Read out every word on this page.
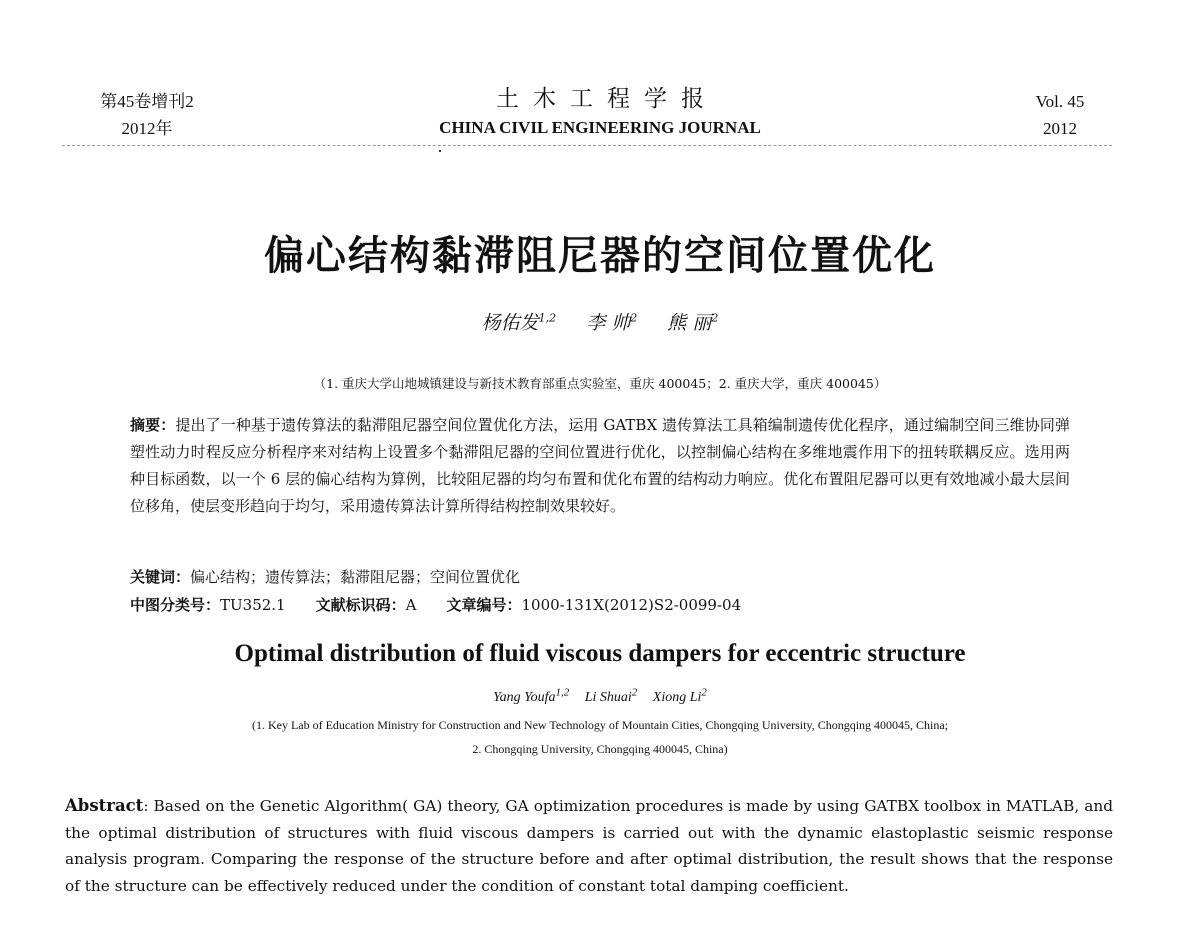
第45卷增刊2
2012年
土木工程学报
CHINA CIVIL ENGINEERING JOURNAL
Vol. 45
2012
偏心结构黏滞阻尼器的空间位置优化
杨佑发$^{1,2}$ 李 帅$^2$ 熊 丽$^2$
（1. 重庆大学山地城镇建设与新技术教育部重点实验室，重庆 400045；2. 重庆大学，重庆 400045）
摘要：提出了一种基于遗传算法的黏滞阻尼器空间位置优化方法，运用 GATBX 遗传算法工具箱编制遗传优化程序，通过编制空间三维协同弹塑性动力时程反应分析程序来对结构上设置多个黏滞阻尼器的空间位置进行优化，以控制偏心结构在多维地震作用下的扭转联耦反应。选用两种目标函数，以一个 6 层的偏心结构为算例，比较阻尼器的均匀布置和优化布置的结构动力响应。优化布置阻尼器可以更有效地减小最大层间位移角，使层变形趋向于均匀，采用遗传算法计算所得结构控制效果较好。
关键词：偏心结构；遗传算法；黏滞阻尼器；空间位置优化
中图分类号：TU352.1 文献标识码：A 文章编号：1000-131X(2012)S2-0099-04
Optimal distribution of fluid viscous dampers for eccentric structure
Yang Youfa$^{1,2}$ Li Shuai$^2$ Xiong Li$^2$
(1. Key Lab of Education Ministry for Construction and New Technology of Mountain Cities, Chongqing University, Chongqing 400045, China;
2. Chongqing University, Chongqing 400045, China)
Abstract: Based on the Genetic Algorithm( GA) theory, GA optimization procedures is made by using GATBX toolbox in MATLAB, and the optimal distribution of structures with fluid viscous dampers is carried out with the dynamic elastoplastic seismic response analysis program. Comparing the response of the structure before and after optimal distribution, the result shows that the response of the structure can be effectively reduced under the condition of constant total damping coefficient.
